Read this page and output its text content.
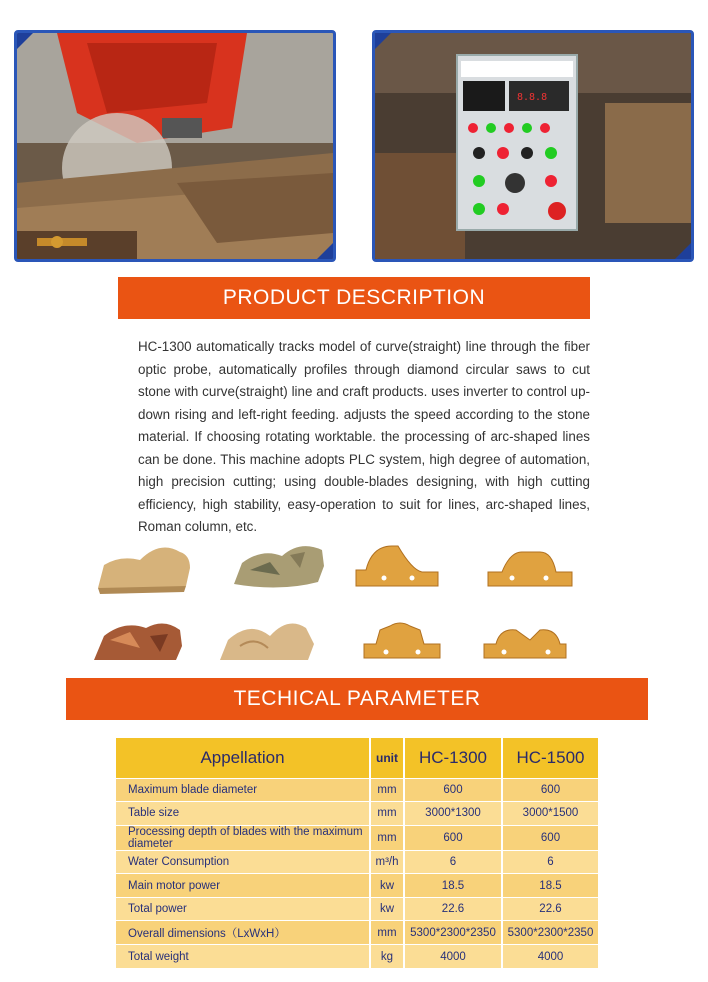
8.8.8
PRODUCT DESCRIPTION

HC-1300 automatically tracks model of curve(straight) line through the fiber optic probe, automatically profiles through diamond circular saws to cut stone with curve(straight) line and craft products. uses inverter to control up-down rising and left-right feeding. adjusts the speed according to the stone material. If choosing rotating worktable. the processing of arc-shaped lines can be done. This machine adopts PLC system, high degree of automation, high precision cutting; using double-blades designing, with high cutting efficiency, high stability, easy-operation to suit for lines, arc-shaped lines, Roman column, etc.

TECHICAL PARAMETER
Appellation	unit	HC-1300	HC-1500
Maximum blade diameter	mm	600	600
Table size	mm	3000*1300	3000*1500
Processing depth of blades with the maximum diameter	mm	600	600
Water Consumption	m³/h	6	6
Main motor power	kw	18.5	18.5
Total power	kw	22.6	22.6
Overall dimensions（LxWxH）	mm	5300*2300*2350	5300*2300*2350
Total weight	kg	4000	4000
